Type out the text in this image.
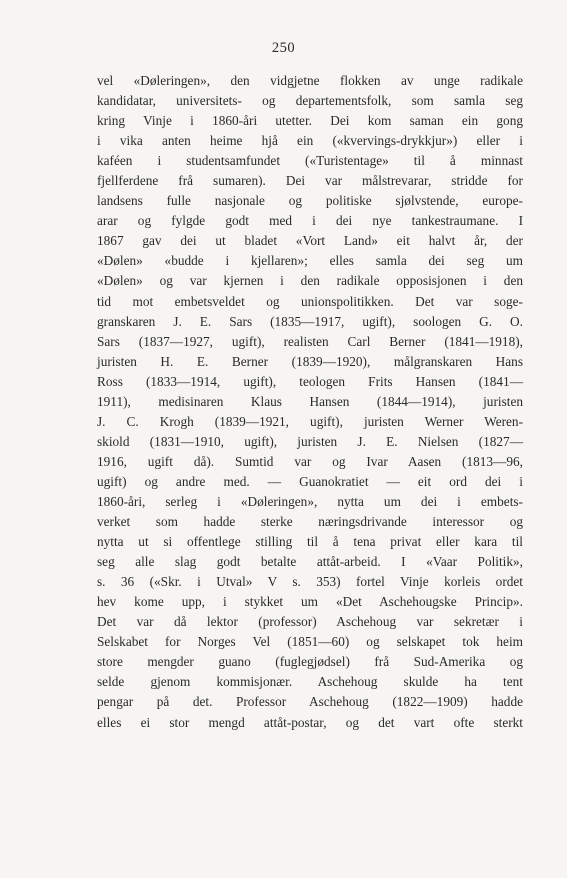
250
vel «Døleringen», den vidgjetne flokken av unge radikale
kandidatar, universitets- og departementsfolk, som samla seg
kring Vinje i 1860-åri utetter. Dei kom saman ein gong
i vika anten heime hjå ein («kvervings-drykkjur») eller i
kaféen i studentsamfundet («Turistentage» til å minnast
fjellferdene frå sumaren). Dei var målstrevarar, stridde for
landsens fulle nasjonale og politiske sjølvstende, europe-
arar og fylgde godt med i dei nye tankestraumane. I
1867 gav dei ut bladet «Vort Land» eit halvt år, der
«Dølen» «budde i kjellaren»; elles samla dei seg um
«Dølen» og var kjernen i den radikale opposisjonen i den
tid mot embetsveldet og unionspolitikken. Det var soge-
granskaren J. E. Sars (1835—1917, ugift), soologen G. O.
Sars (1837—1927, ugift), realisten Carl Berner (1841—1918),
juristen H. E. Berner (1839—1920), målgranskaren Hans
Ross (1833—1914, ugift), teologen Frits Hansen (1841—
1911), medisinaren Klaus Hansen (1844—1914), juristen
J. C. Krogh (1839—1921, ugift), juristen Werner Weren-
skiold (1831—1910, ugift), juristen J. E. Nielsen (1827—
1916, ugift då). Sumtid var og Ivar Aasen (1813—96,
ugift) og andre med. — Guanokratiet — eit ord dei i
1860-åri, serleg i «Døleringen», nytta um dei i embets-
verket som hadde sterke næringsdrivande interessor og
nytta ut si offentlege stilling til å tena privat eller kara til
seg alle slag godt betalte attåt-arbeid. I «Vaar Politik»,
s. 36 («Skr. i Utval» V s. 353) fortel Vinje korleis ordet
hev kome upp, i stykket um «Det Aschehougske Princip».
Det var då lektor (professor) Aschehoug var sekretær i
Selskabet for Norges Vel (1851—60) og selskapet tok heim
store mengder guano (fuglegjødsel) frå Sud-Amerika og
selde gjenom kommisjonær. Aschehoug skulde ha tent
pengar på det. Professor Aschehoug (1822—1909) hadde
elles ei stor mengd attåt-postar, og det vart ofte sterkt
